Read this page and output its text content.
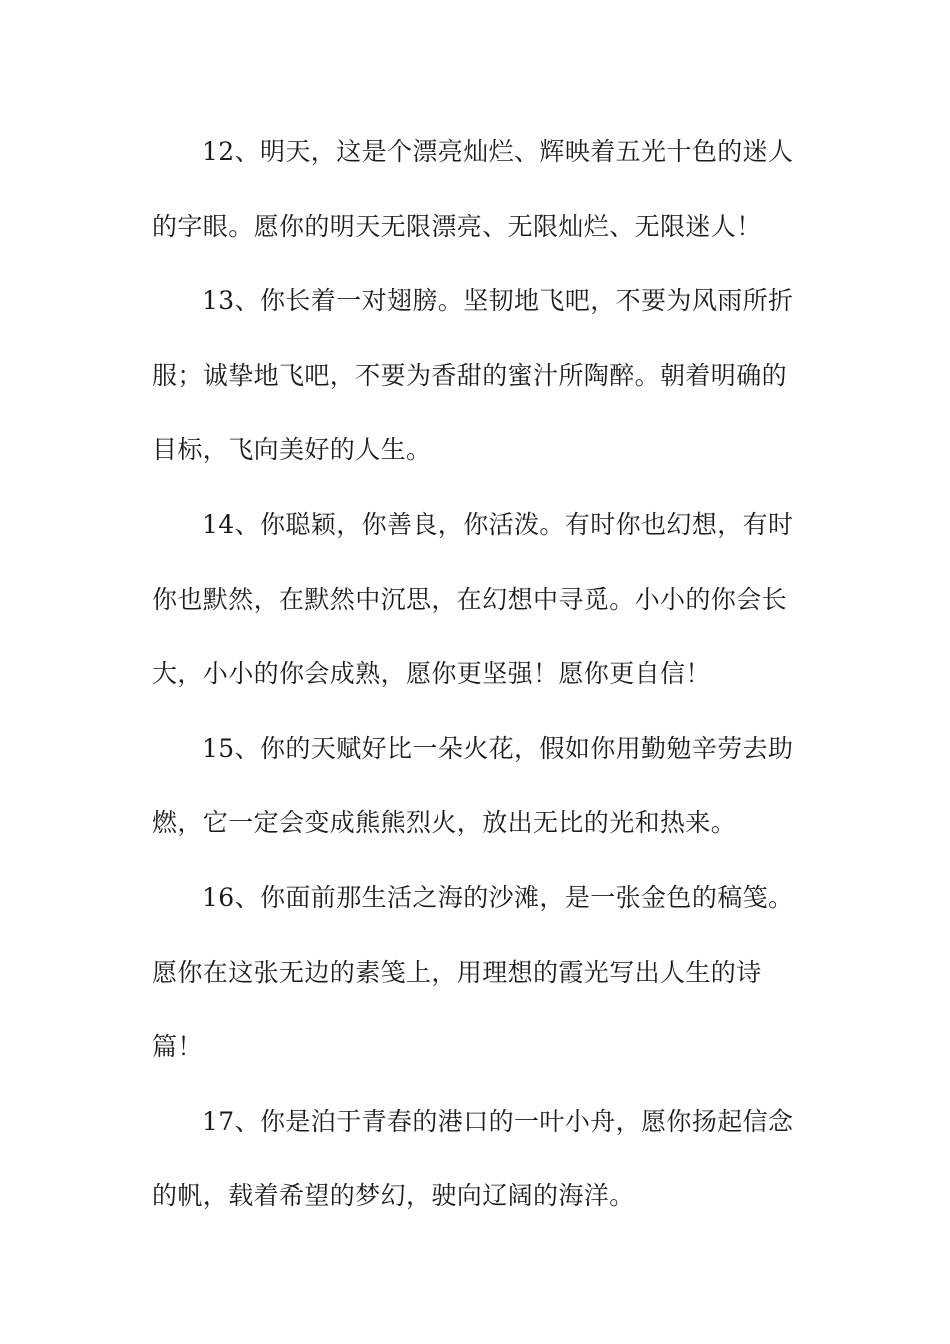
12、明天，这是个漂亮灿烂、辉映着五光十色的迷人
的字眼。愿你的明天无限漂亮、无限灿烂、无限迷人！
13、你长着一对翅膀。坚韧地飞吧，不要为风雨所折
服；诚挚地飞吧，不要为香甜的蜜汁所陶醉。朝着明确的
目标，飞向美好的人生。
14、你聪颖，你善良，你活泼。有时你也幻想，有时
你也默然，在默然中沉思，在幻想中寻觅。小小的你会长
大，小小的你会成熟，愿你更坚强！愿你更自信！
15、你的天赋好比一朵火花，假如你用勤勉辛劳去助
燃，它一定会变成熊熊烈火，放出无比的光和热来。
16、你面前那生活之海的沙滩，是一张金色的稿笺。
愿你在这张无边的素笺上，用理想的霞光写出人生的诗
篇！
17、你是泊于青春的港口的一叶小舟，愿你扬起信念
的帆，载着希望的梦幻，驶向辽阔的海洋。
